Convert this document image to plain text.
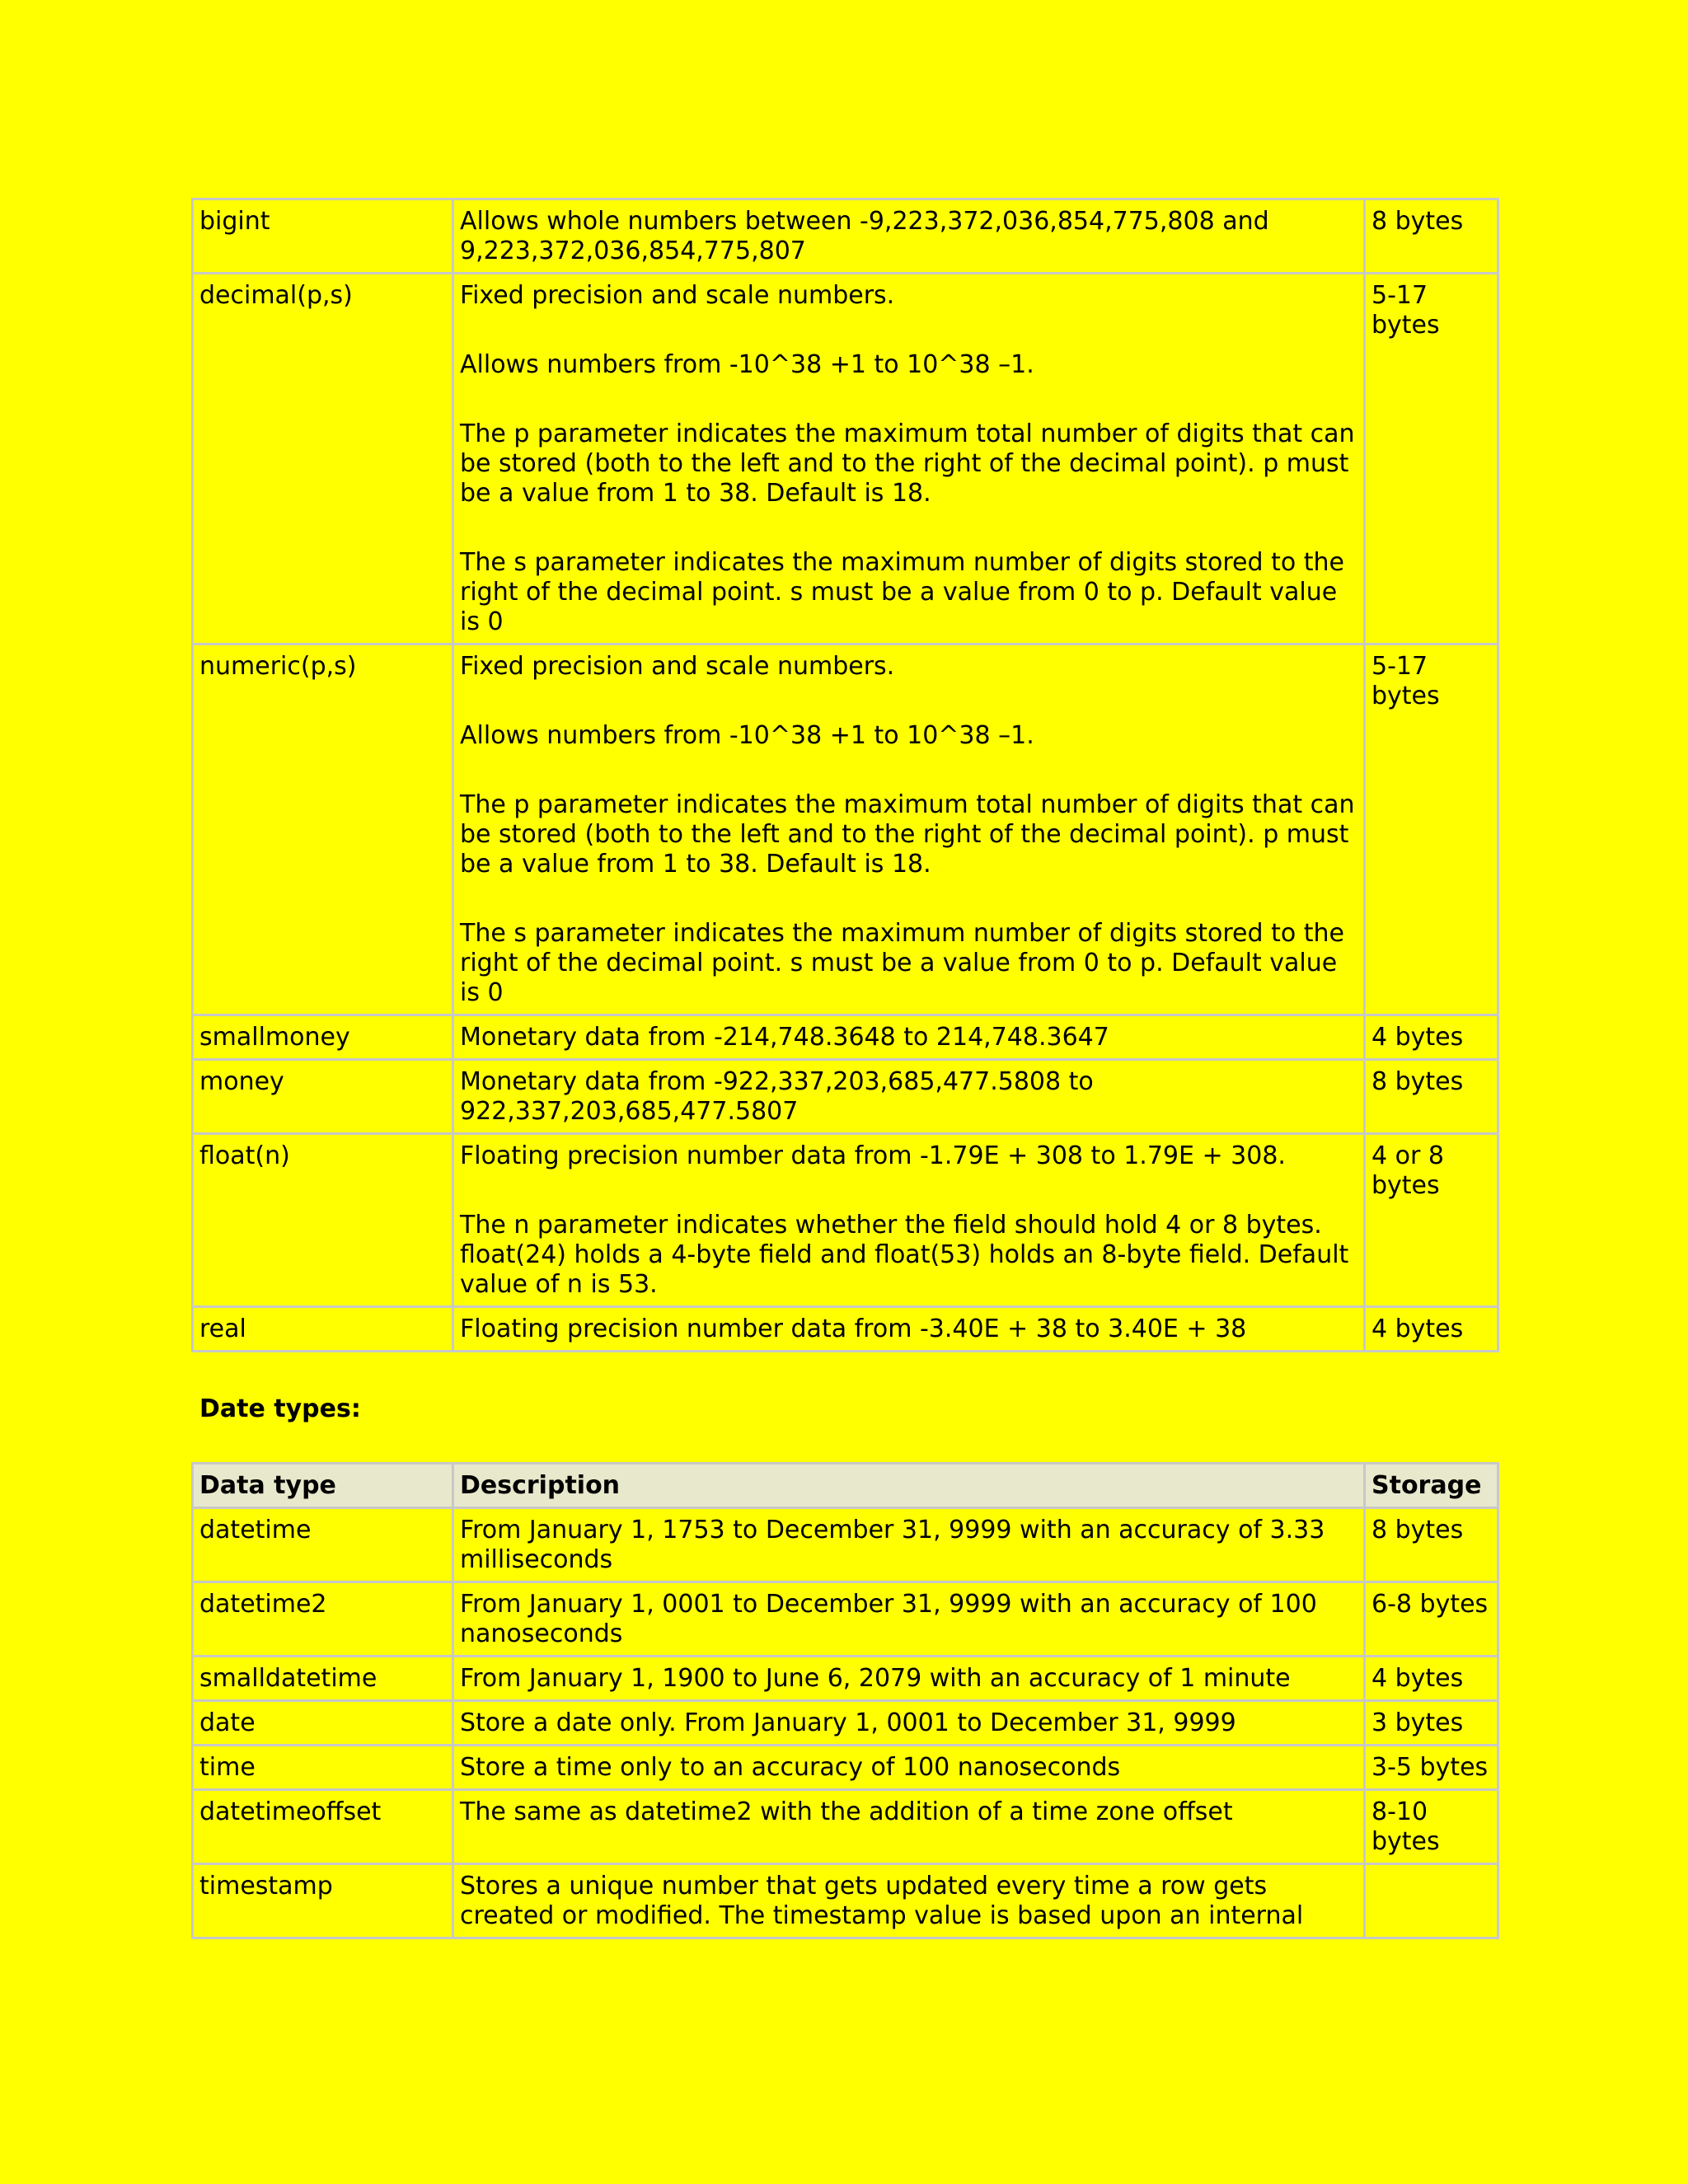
bigint	Allows whole numbers between -9,223,372,036,854,775,808 and 9,223,372,036,854,775,807	8 bytes
decimal(p,s)	Fixed precision and scale numbers.

Allows numbers from -10^38 +1 to 10^38 –1.

The p parameter indicates the maximum total number of digits that can be stored (both to the left and to the right of the decimal point). p must be a value from 1 to 38. Default is 18.

The s parameter indicates the maximum number of digits stored to the right of the decimal point. s must be a value from 0 to p. Default value is 0	5-17 bytes
numeric(p,s)	Fixed precision and scale numbers.

Allows numbers from -10^38 +1 to 10^38 –1.

The p parameter indicates the maximum total number of digits that can be stored (both to the left and to the right of the decimal point). p must be a value from 1 to 38. Default is 18.

The s parameter indicates the maximum number of digits stored to the right of the decimal point. s must be a value from 0 to p. Default value is 0	5-17 bytes
smallmoney	Monetary data from -214,748.3648 to 214,748.3647	4 bytes
money	Monetary data from -922,337,203,685,477.5808 to 922,337,203,685,477.5807	8 bytes
float(n)	Floating precision number data from -1.79E + 308 to 1.79E + 308.

The n parameter indicates whether the field should hold 4 or 8 bytes. float(24) holds a 4-byte field and float(53) holds an 8-byte field. Default value of n is 53.	4 or 8 bytes
real	Floating precision number data from -3.40E + 38 to 3.40E + 38	4 bytes
Date types:
Data type	Description	Storage
datetime	From January 1, 1753 to December 31, 9999 with an accuracy of 3.33 milliseconds	8 bytes
datetime2	From January 1, 0001 to December 31, 9999 with an accuracy of 100 nanoseconds	6-8 bytes
smalldatetime	From January 1, 1900 to June 6, 2079 with an accuracy of 1 minute	4 bytes
date	Store a date only. From January 1, 0001 to December 31, 9999	3 bytes
time	Store a time only to an accuracy of 100 nanoseconds	3-5 bytes
datetimeoffset	The same as datetime2 with the addition of a time zone offset	8-10 bytes
timestamp	Stores a unique number that gets updated every time a row gets created or modified. The timestamp value is based upon an internal	
